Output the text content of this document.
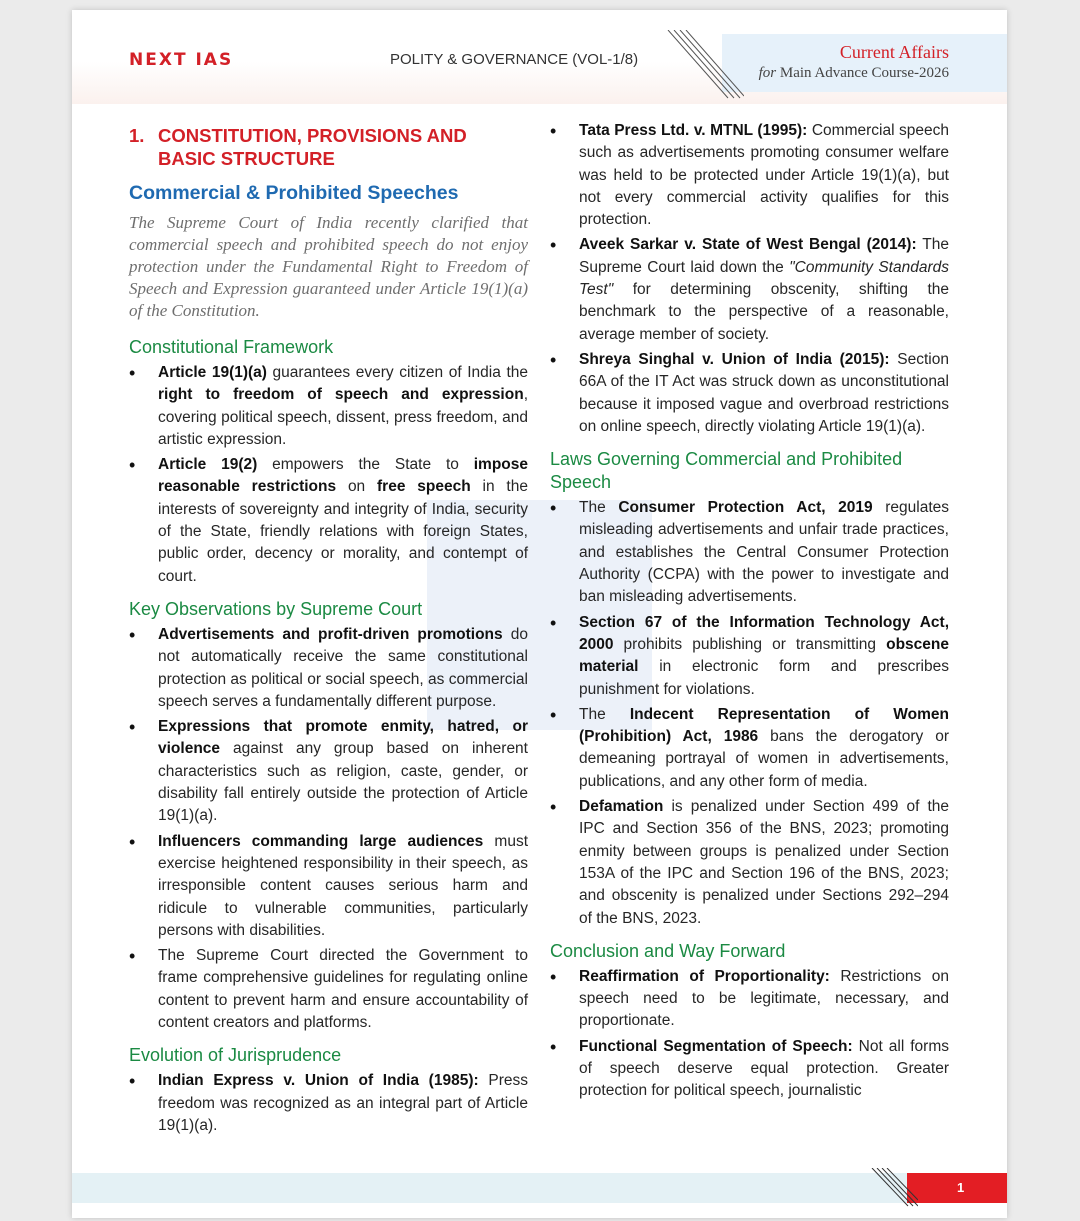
NEXT IAS	POLITY & GOVERNANCE (VOL-1/8)	Current Affairs
for Main Advance Course-2026
1. CONSTITUTION, PROVISIONS AND BASIC STRUCTURE
Commercial & Prohibited Speeches
The Supreme Court of India recently clarified that commercial speech and prohibited speech do not enjoy protection under the Fundamental Right to Freedom of Speech and Expression guaranteed under Article 19(1)(a) of the Constitution.
Constitutional Framework
• Article 19(1)(a) guarantees every citizen of India the right to freedom of speech and expression, covering political speech, dissent, press freedom, and artistic expression.
• Article 19(2) empowers the State to impose reasonable restrictions on free speech in the interests of sovereignty and integrity of India, security of the State, friendly relations with foreign States, public order, decency or morality, and contempt of court.
Key Observations by Supreme Court
• Advertisements and profit-driven promotions do not automatically receive the same constitutional protection as political or social speech, as commercial speech serves a fundamentally different purpose.
• Expressions that promote enmity, hatred, or violence against any group based on inherent characteristics such as religion, caste, gender, or disability fall entirely outside the protection of Article 19(1)(a).
• Influencers commanding large audiences must exercise heightened responsibility in their speech, as irresponsible content causes serious harm and ridicule to vulnerable communities, particularly persons with disabilities.
• The Supreme Court directed the Government to frame comprehensive guidelines for regulating online content to prevent harm and ensure accountability of content creators and platforms.
Evolution of Jurisprudence
• Indian Express v. Union of India (1985): Press freedom was recognized as an integral part of Article 19(1)(a).
• Tata Press Ltd. v. MTNL (1995): Commercial speech such as advertisements promoting consumer welfare was held to be protected under Article 19(1)(a), but not every commercial activity qualifies for this protection.
• Aveek Sarkar v. State of West Bengal (2014): The Supreme Court laid down the "Community Standards Test" for determining obscenity, shifting the benchmark to the perspective of a reasonable, average member of society.
• Shreya Singhal v. Union of India (2015): Section 66A of the IT Act was struck down as unconstitutional because it imposed vague and overbroad restrictions on online speech, directly violating Article 19(1)(a).
Laws Governing Commercial and Prohibited Speech
• The Consumer Protection Act, 2019 regulates misleading advertisements and unfair trade practices, and establishes the Central Consumer Protection Authority (CCPA) with the power to investigate and ban misleading advertisements.
• Section 67 of the Information Technology Act, 2000 prohibits publishing or transmitting obscene material in electronic form and prescribes punishment for violations.
• The Indecent Representation of Women (Prohibition) Act, 1986 bans the derogatory or demeaning portrayal of women in advertisements, publications, and any other form of media.
• Defamation is penalized under Section 499 of the IPC and Section 356 of the BNS, 2023; promoting enmity between groups is penalized under Section 153A of the IPC and Section 196 of the BNS, 2023; and obscenity is penalized under Sections 292–294 of the BNS, 2023.
Conclusion and Way Forward
• Reaffirmation of Proportionality: Restrictions on speech need to be legitimate, necessary, and proportionate.
• Functional Segmentation of Speech: Not all forms of speech deserve equal protection. Greater protection for political speech, journalistic
1
